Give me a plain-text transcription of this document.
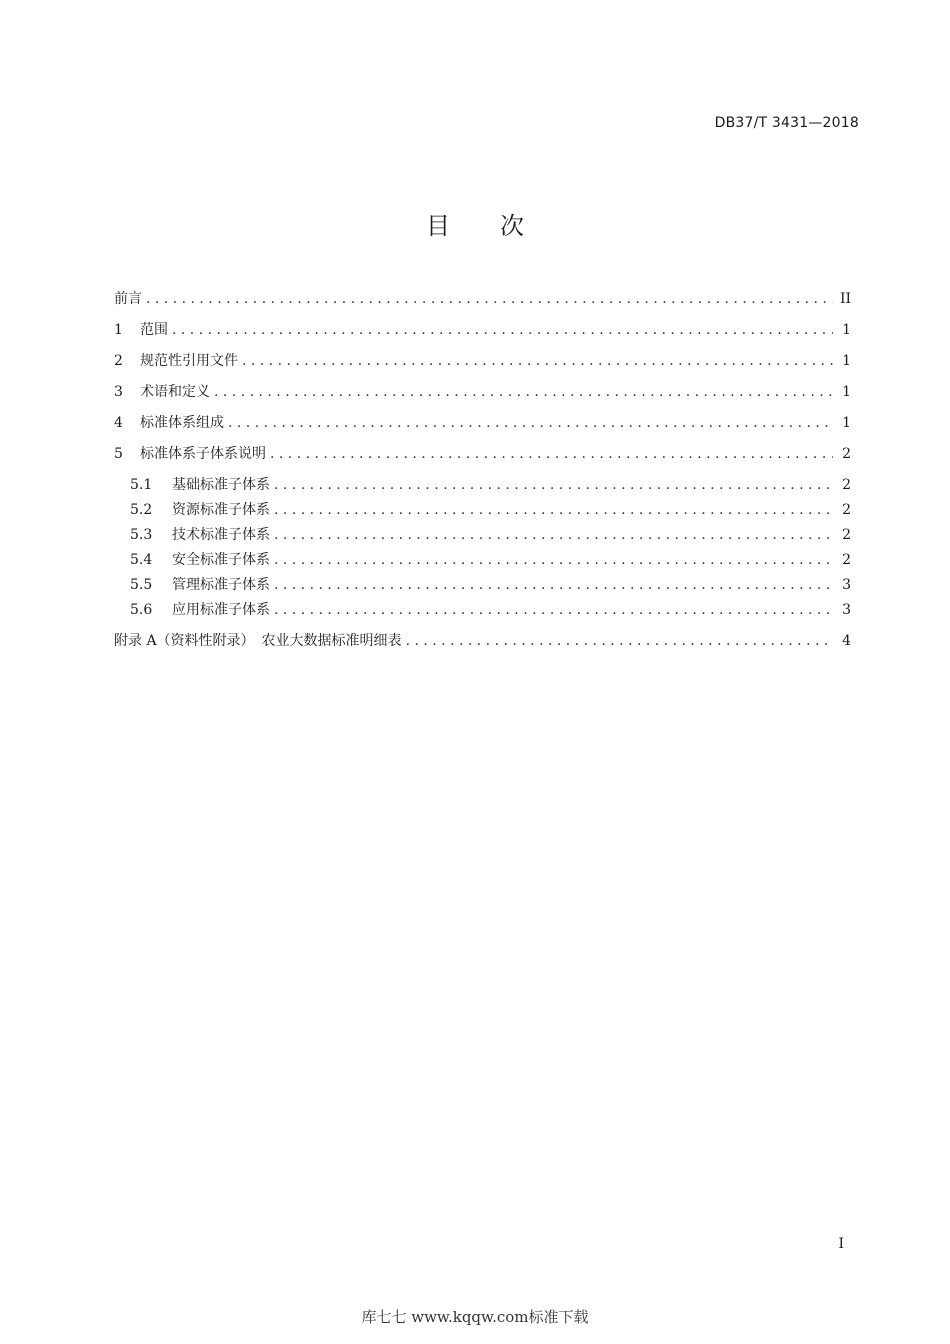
DB37/T 3431—2018
目 次
前言 . . .	II
1	范围 . . .	1
2	规范性引用文件 . . .	1
3	术语和定义 . . .	1
4	标准体系组成 . . .	1
5	标准体系子体系说明 . . .	2
5.1	基础标准子体系 . . .	2
5.2	资源标准子体系 . . .	2
5.3	技术标准子体系 . . .	2
5.4	安全标准子体系 . . .	2
5.5	管理标准子体系 . . .	3
5.6	应用标准子体系 . . .	3
附录 A（资料性附录）　农业大数据标准明细表 . . .	4
I
库七七 www.kqqw.com标准下载
